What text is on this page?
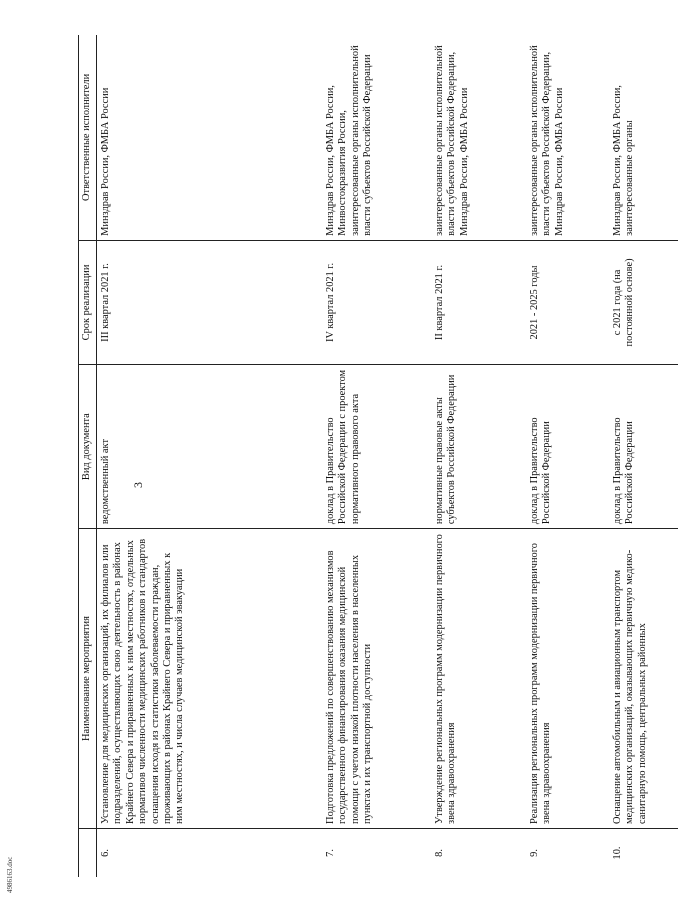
3
4986163.doc
	Наименование мероприятия	Вид документа	Срок реализации	Ответственные исполнители
6.	Установление для медицинских организаций, их филиалов или подразделений, осуществляющих свою деятельность в районах Крайнего Севера и приравненных к ним местностях, отдельных нормативов численности медицинских работников и стандартов оснащения исходя из статистики заболеваемости граждан, проживающих в районах Крайнего Севера и приравненных к ним местностях, и числа случаев медицинской эвакуации	ведомственный акт	III квартал 2021 г.	Минздрав России, ФМБА России
7.	Подготовка предложений по совершенствованию механизмов государственного финансирования оказания медицинской помощи с учетом низкой плотности населения в населенных пунктах и их транспортной доступности	доклад в Правительство Российской Федерации с проектом нормативного правового акта	IV квартал 2021 г.	Минздрав России, ФМБА России, Минвостокразвития России, заинтересованные органы исполнительной власти субъектов Российской Федерации
8.	Утверждение региональных программ модернизации первичного звена здравоохранения	нормативные правовые акты субъектов Российской Федерации	II квартал 2021 г.	заинтересованные органы исполнительной власти субъектов Российской Федерации, Минздрав России, ФМБА России
9.	Реализация региональных программ модернизации первичного звена здравоохранения	доклад в Правительство Российской Федерации	2021 - 2025 годы	заинтересованные органы исполнительной власти субъектов Российской Федерации, Минздрав России, ФМБА России
10.	Оснащение автомобильным и авиационным транспортом медицинских организаций, оказывающих первичную медико-санитарную помощь, центральных районных	доклад в Правительство Российской Федерации	с 2021 года (на постоянной основе)	Минздрав России, ФМБА России, заинтересованные органы
